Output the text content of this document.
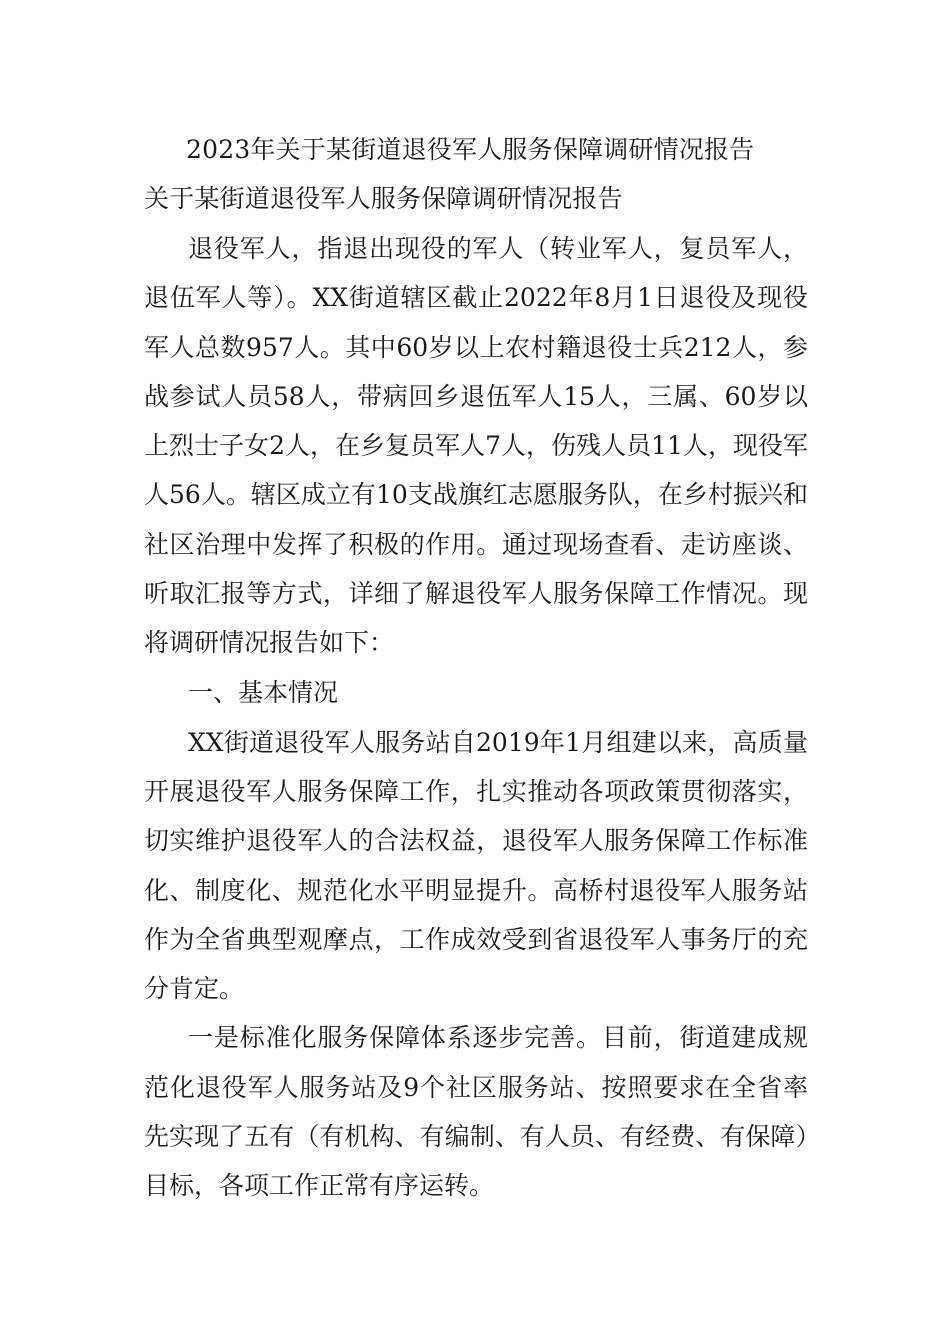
2023年关于某街道退役军人服务保障调研情况报告

关于某街道退役军人服务保障调研情况报告

退役军人，指退出现役的军人（转业军人，复员军人，退伍军人等）。XX街道辖区截止2022年8月1日退役及现役军人总数957人。其中60岁以上农村籍退役士兵212人，参战参试人员58人，带病回乡退伍军人15人，三属、60岁以上烈士子女2人，在乡复员军人7人，伤残人员11人，现役军人56人。辖区成立有10支战旗红志愿服务队，在乡村振兴和社区治理中发挥了积极的作用。通过现场查看、走访座谈、听取汇报等方式，详细了解退役军人服务保障工作情况。现将调研情况报告如下：

一、基本情况

XX街道退役军人服务站自2019年1月组建以来，高质量开展退役军人服务保障工作，扎实推动各项政策贯彻落实，切实维护退役军人的合法权益，退役军人服务保障工作标准化、制度化、规范化水平明显提升。高桥村退役军人服务站作为全省典型观摩点，工作成效受到省退役军人事务厅的充分肯定。

一是标准化服务保障体系逐步完善。目前，街道建成规范化退役军人服务站及9个社区服务站、按照要求在全省率先实现了五有（有机构、有编制、有人员、有经费、有保障）目标，各项工作正常有序运转。
